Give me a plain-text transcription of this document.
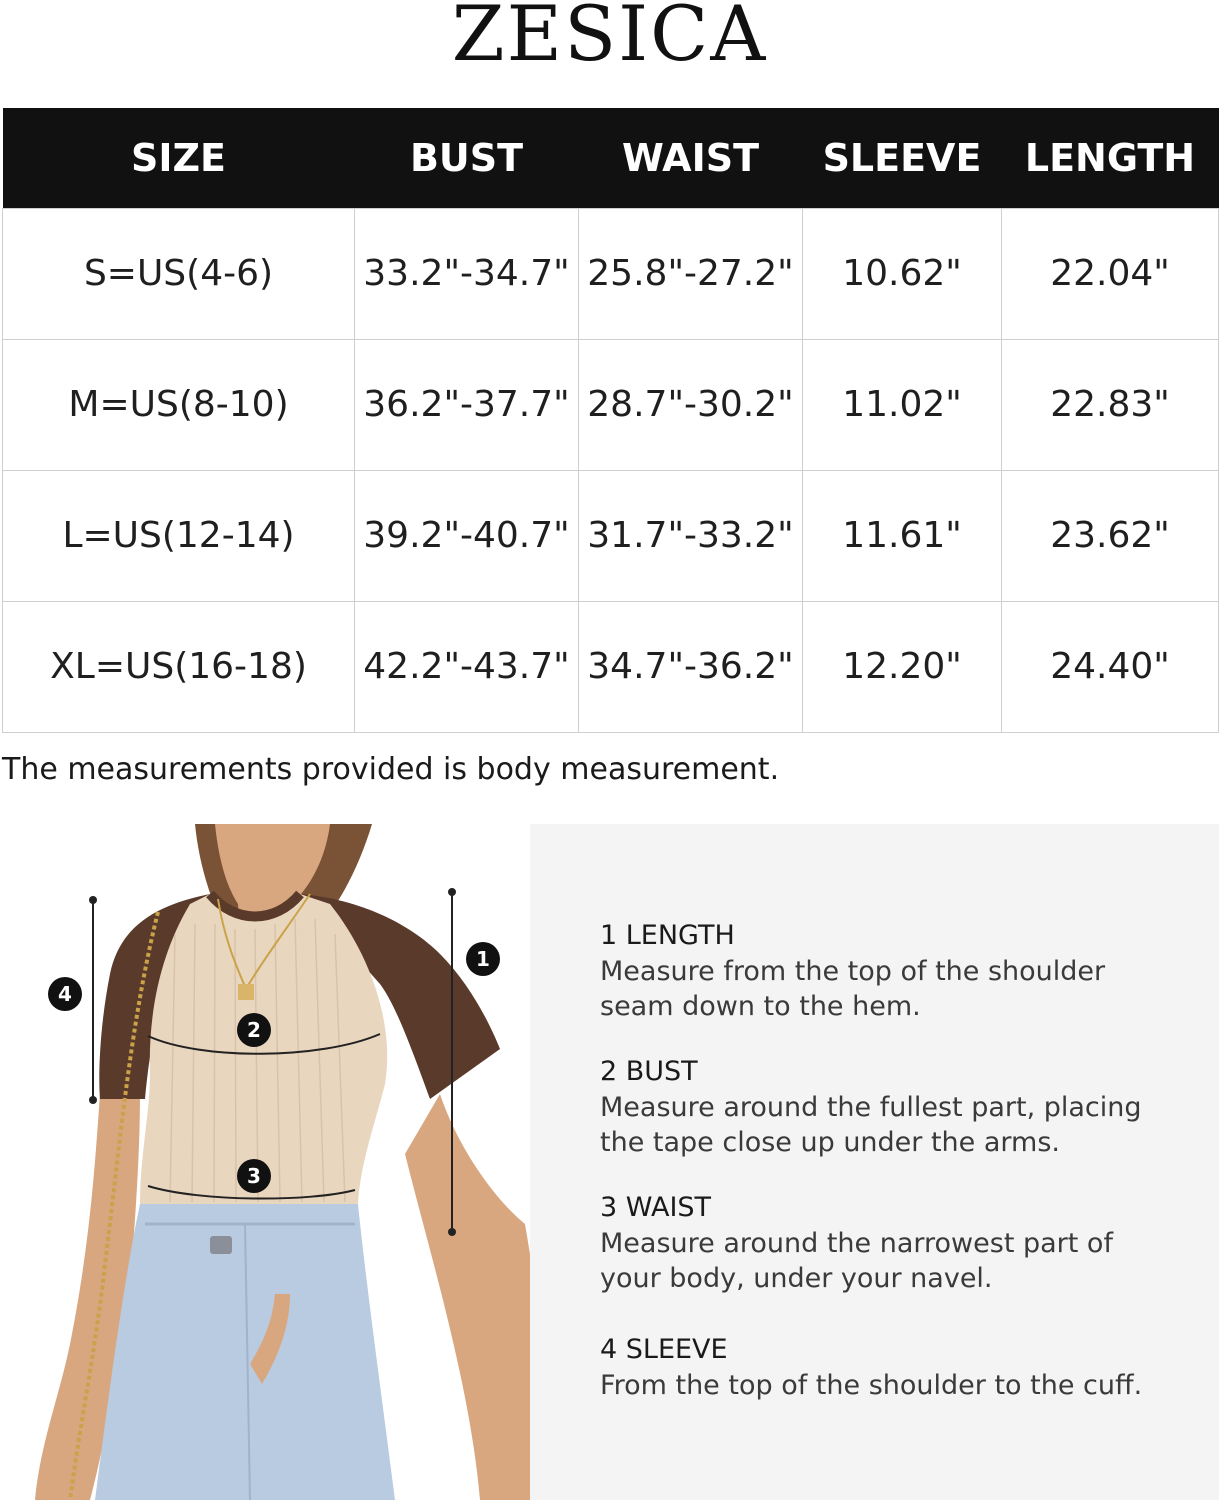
ZESICA
SIZE	BUST	WAIST	SLEEVE	LENGTH
S=US(4-6)	33.2"-34.7"	25.8"-27.2"	10.62"	22.04"
M=US(8-10)	36.2"-37.7"	28.7"-30.2"	11.02"	22.83"
L=US(12-14)	39.2"-40.7"	31.7"-33.2"	11.61"	23.62"
XL=US(16-18)	42.2"-43.7"	34.7"-36.2"	12.20"	24.40"
The measurements provided is body measurement.
1
2
3
4
1 LENGTH
Measure from the top of the shoulder
seam down to the hem.
2 BUST
Measure around the fullest part, placing
the tape close up under the arms.
3 WAIST
Measure around the narrowest part of
your body, under your navel.
4 SLEEVE
From the top of the shoulder to the cuff.
